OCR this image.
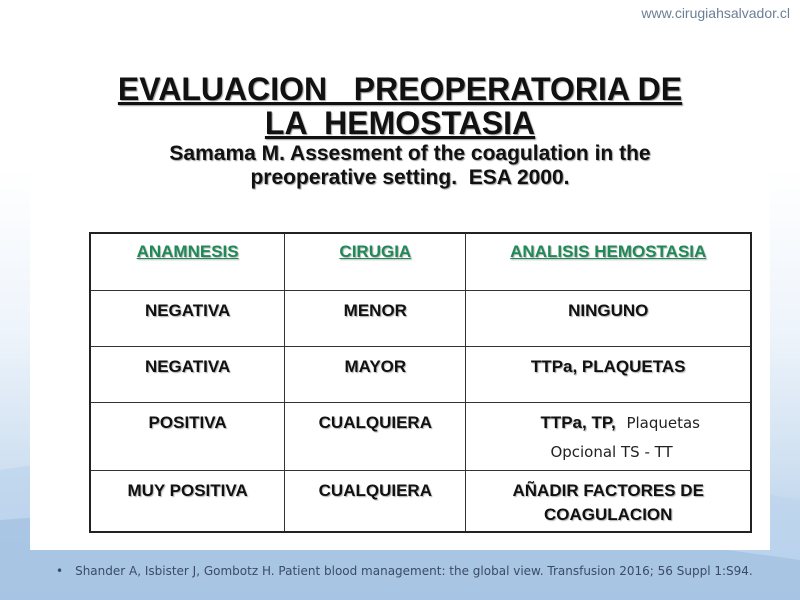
www.cirugiahsalvador.cl
EVALUACION   PREOPERATORIA DE
LA  HEMOSTASIA
Samama M. Assesment of the coagulation in the
preoperative setting.  ESA 2000.
ANAMNESIS	CIRUGIA	ANALISIS HEMOSTASIA
NEGATIVA	MENOR	NINGUNO
NEGATIVA	MAYOR	TTPa, PLAQUETAS
POSITIVA	CUALQUIERA	TTPa, TP, Plaquetas
Opcional TS - TT

MUY POSITIVA	CUALQUIERA	AÑADIR FACTORES DE
COAGULACION
• Shander A, Isbister J, Gombotz H. Patient blood management: the global view. Transfusion 2016; 56 Suppl 1:S94.
